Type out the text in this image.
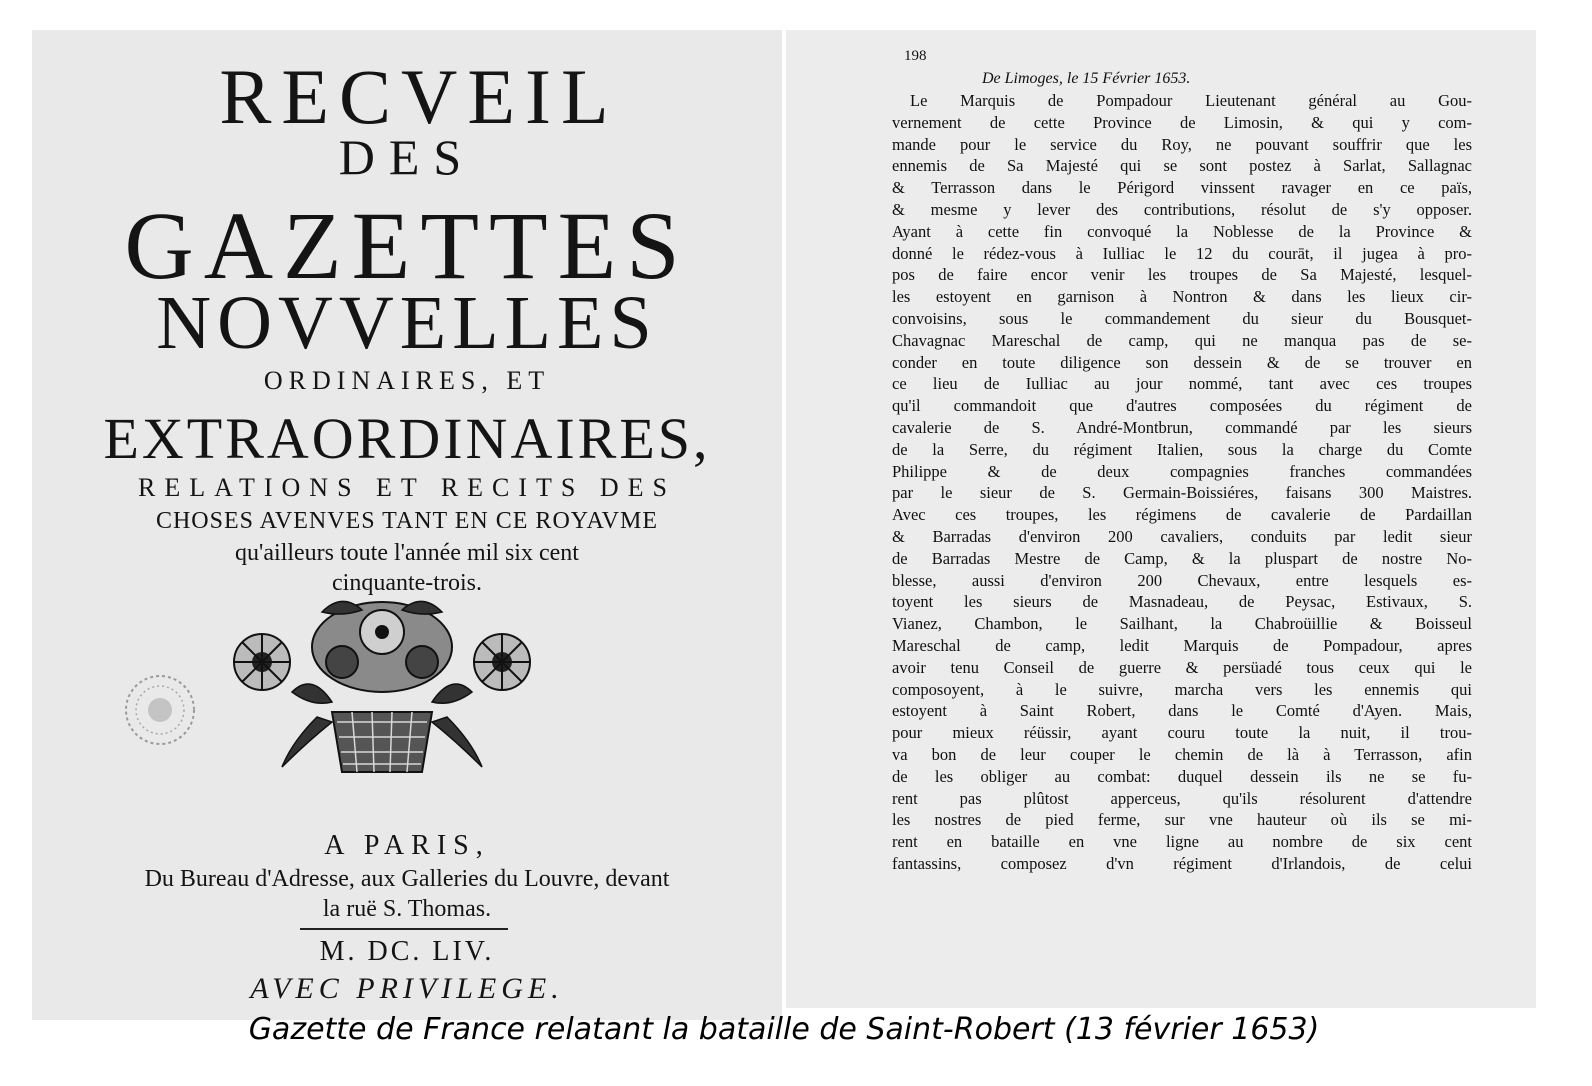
RECVEIL
DES
GAZETTES
NOVVELLES
ORDINAIRES, ET
EXTRAORDINAIRES,
RELATIONS ET RECITS DES
CHOSES AVENVES TANT EN CE ROYAVME
qu'ailleurs toute l'année mil six cent
cinquante-trois.
A PARIS,
Du Bureau d'Adresse, aux Galleries du Louvre, devant
la ruë S. Thomas.
M. DC. LIV.
AVEC PRIVILEGE.
198
De Limoges, le 15 Février 1653.
Le Marquis de Pompadour Lieutenant général au Gou-
vernement de cette Province de Limosin, & qui y com-
mande pour le service du Roy, ne pouvant souffrir que les
ennemis de Sa Majesté qui se sont postez à Sarlat, Sallagnac
& Terrasson dans le Périgord vinssent ravager en ce païs,
& mesme y lever des contributions, résolut de s'y opposer.
Ayant à cette fin convoqué la Noblesse de la Province &
donné le rédez-vous à Iulliac le 12 du courāt, il jugea à pro-
pos de faire encor venir les troupes de Sa Majesté, lesquel-
les estoyent en garnison à Nontron & dans les lieux cir-
convoisins, sous le commandement du sieur du Bousquet-
Chavagnac Mareschal de camp, qui ne manqua pas de se-
conder en toute diligence son dessein & de se trouver en
ce lieu de Iulliac au jour nommé, tant avec ces troupes
qu'il commandoit que d'autres composées du régiment de
cavalerie de S. André-Montbrun, commandé par les sieurs
de la Serre, du régiment Italien, sous la charge du Comte
Philippe & de deux compagnies franches commandées
par le sieur de S. Germain-Boissiéres, faisans 300 Maistres.
Avec ces troupes, les régimens de cavalerie de Pardaillan
& Barradas d'environ 200 cavaliers, conduits par ledit sieur
de Barradas Mestre de Camp, & la pluspart de nostre No-
blesse, aussi d'environ 200 Chevaux, entre lesquels es-
toyent les sieurs de Masnadeau, de Peysac, Estivaux, S.
Vianez, Chambon, le Sailhant, la Chabroüillie & Boisseul
Mareschal de camp, ledit Marquis de Pompadour, apres
avoir tenu Conseil de guerre & persüadé tous ceux qui le
composoyent, à le suivre, marcha vers les ennemis qui
estoyent à Saint Robert, dans le Comté d'Ayen. Mais,
pour mieux réüssir, ayant couru toute la nuit, il trou-
va bon de leur couper le chemin de là à Terrasson, afin
de les obliger au combat: duquel dessein ils ne se fu-
rent pas plûtost apperceus, qu'ils résolurent d'attendre
les nostres de pied ferme, sur vne hauteur où ils se mi-
rent en bataille en vne ligne au nombre de six cent
fantassins, composez d'vn régiment d'Irlandois, de celui
Gazette de France relatant la bataille de Saint-Robert (13 février 1653)
